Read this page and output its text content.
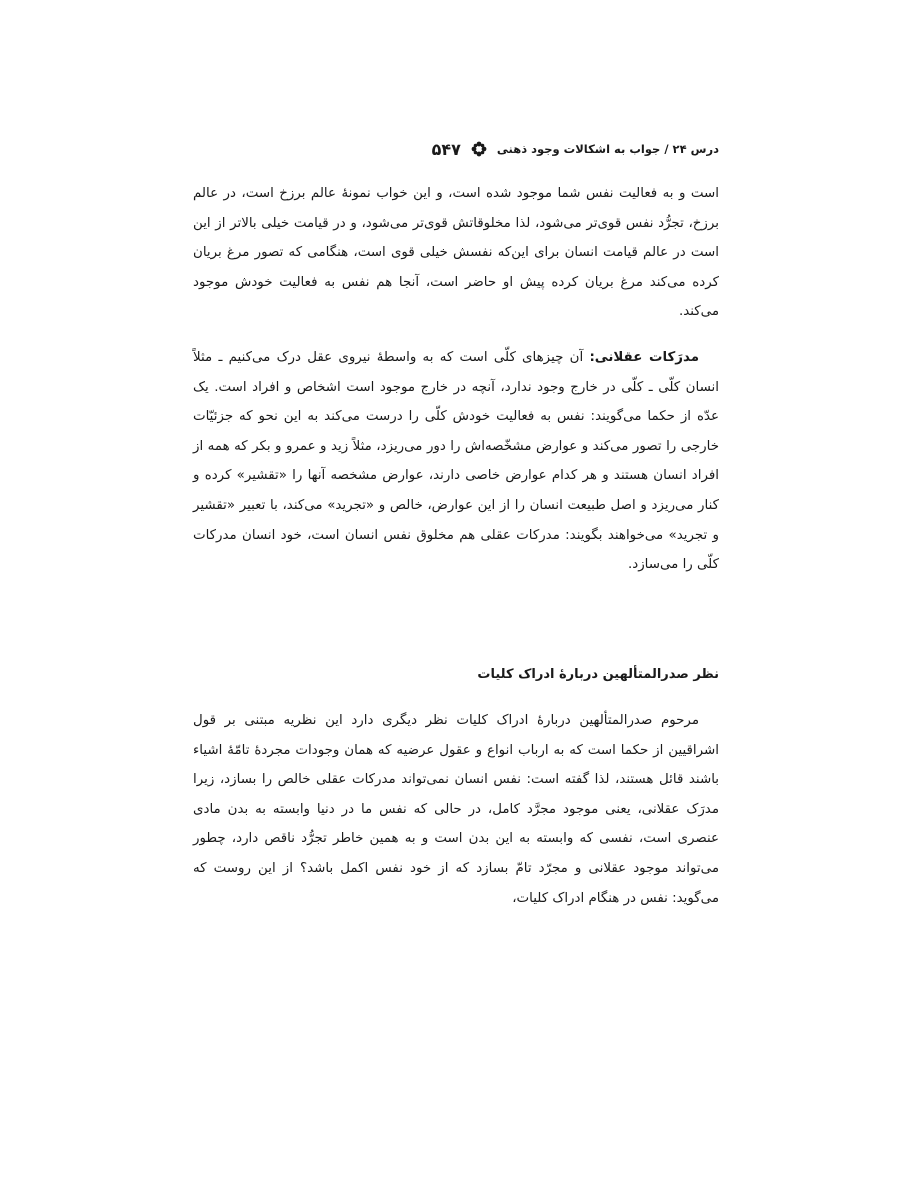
درس ۲۴ / جواب به اشکالات وجود ذهنی
۵۴۷

است و به فعالیت نفس شما موجود شده است، و این خواب نمونهٔ عالم برزخ است، در عالم برزخ، تجرُّد نفس قوی‌تر می‌شود، لذا مخلوقاتش قوی‌تر می‌شود، و در قیامت خیلی بالاتر از این است در عالم قیامت انسان برای این‌که نفسش خیلی قوی است، هنگامی که تصور مرغ بریان کرده می‌کند مرغ بریان کرده پیش او حاضر است، آنجا هم نفس به فعالیت خودش موجود می‌کند.

مدرَکات عقلانی: آن چیزهای کلّی است که به واسطهٔ نیروی عقل درک می‌کنیم ـ مثلاً انسان کلّی ـ کلّی در خارج وجود ندارد، آنچه در خارج موجود است اشخاص و افراد است. یک عدّه از حکما می‌گویند: نفس به فعالیت خودش کلّی را درست می‌کند به این نحو که جزئیّات خارجی را تصور می‌کند و عوارض مشخّصه‌اش را دور می‌ریزد، مثلاً زید و عمرو و بکر که همه از افراد انسان هستند و هر کدام عوارض خاصی دارند، عوارض مشخصه آنها را «تقشیر» کرده و کنار می‌ریزد و اصل طبیعت انسان را از این عوارض، خالص و «تجرید» می‌کند، با تعبیر «تقشیر و تجرید» می‌خواهند بگویند: مدرکات عقلی هم مخلوق نفس انسان است، خود انسان مدرکات کلّی را می‌سازد.

نظر صدرالمتألهین دربارهٔ ادراک کلیات

مرحوم صدرالمتألهین دربارهٔ ادراک کلیات نظر دیگری دارد این نظریه مبتنی بر قول اشراقیین از حکما است که به ارباب انواع و عقول عرضیه که همان وجودات مجردهٔ تامّهٔ اشیاء باشند قائل هستند، لذا گفته است: نفس انسان نمی‌تواند مدرکات عقلی خالص را بسازد، زیرا مدرَک عقلانی، یعنی موجود مجرَّد کامل، در حالی که نفس ما در دنیا وابسته به بدن مادی عنصری است، نفسی که وابسته به این بدن است و به همین خاطر تجرُّد ناقص دارد، چطور می‌تواند موجود عقلانی و مجرّد تامّ بسازد که از خود نفس اکمل باشد؟ از این روست که می‌گوید: نفس در هنگام ادراک کلیات،
